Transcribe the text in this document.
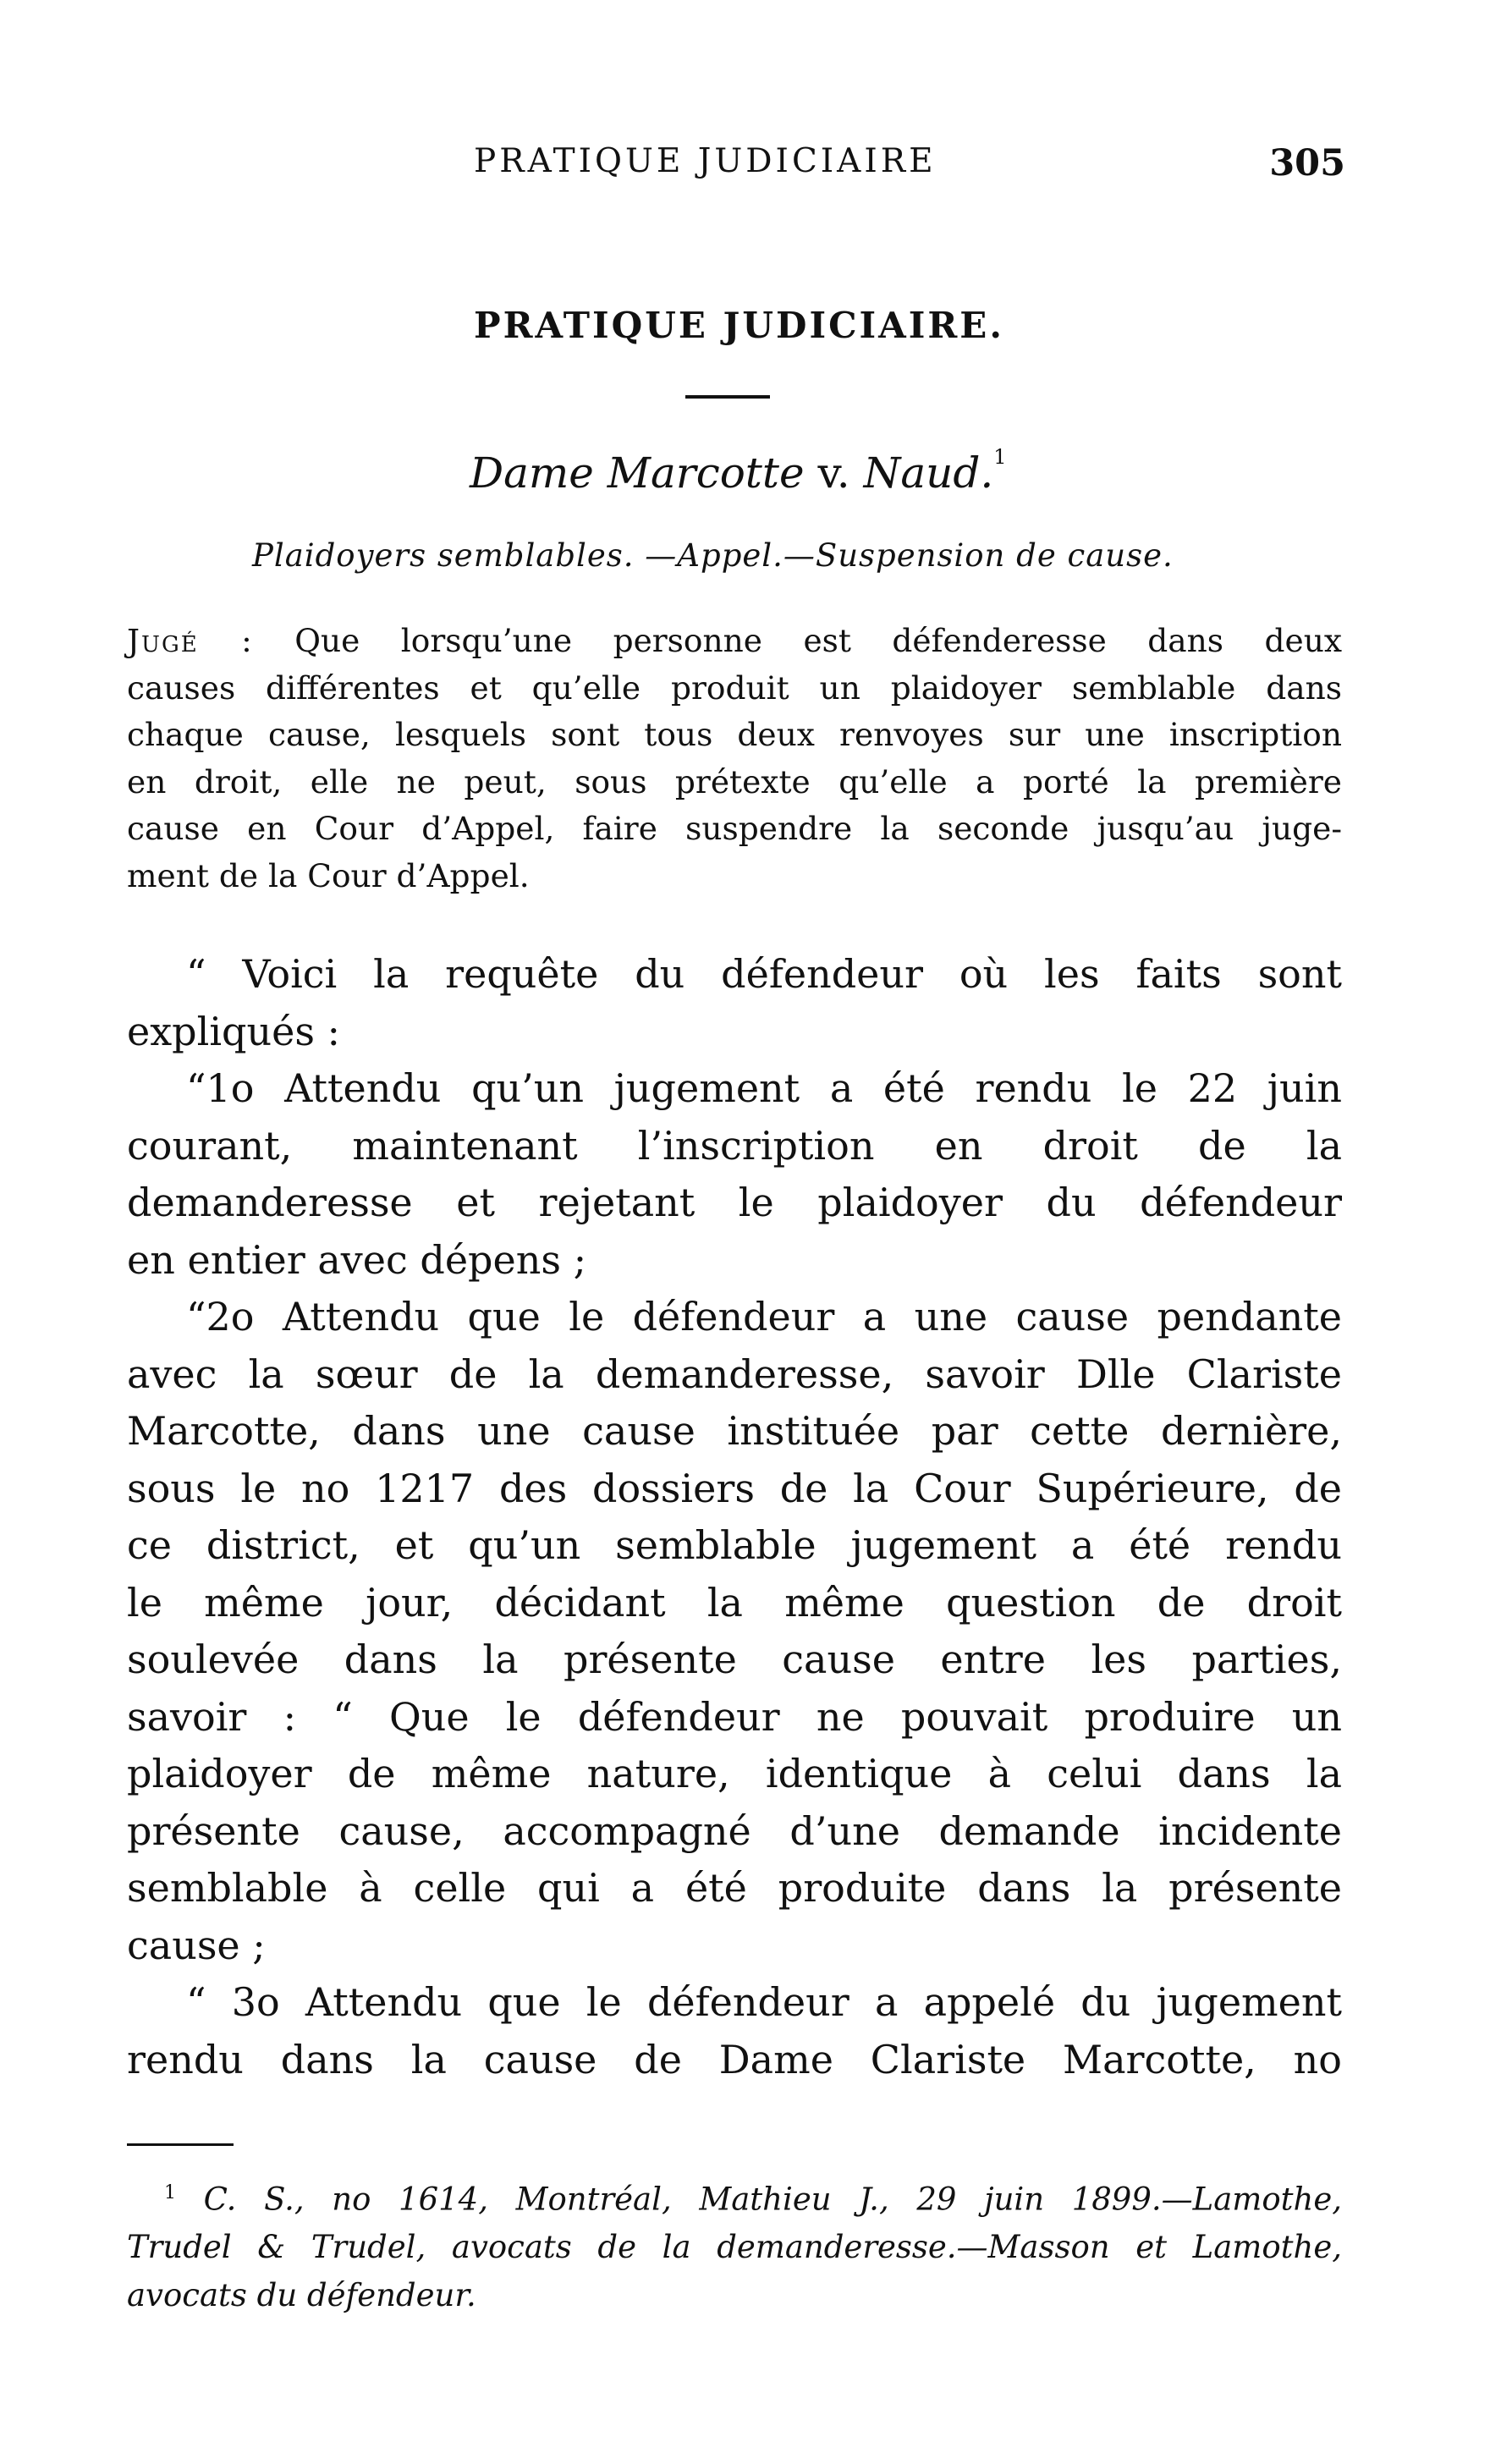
PRATIQUE JUDICIAIRE	305
PRATIQUE JUDICIAIRE.
Dame Marcotte v. Naud.$^1$
Plaidoyers semblables. —Appel.—Suspension de cause.
Jugé : Que lorsqu’une personne est défenderesse dans deux
causes différentes et qu’elle produit un plaidoyer semblable dans
chaque cause, lesquels sont tous deux renvoyes sur une inscription
en droit, elle ne peut, sous prétexte qu’elle a porté la première
cause en Cour d’Appel, faire suspendre la seconde jusqu’au juge-
ment de la Cour d’Appel.
“ Voici la requête du défendeur où les faits sont
expliqués :
“1o Attendu qu’un jugement a été rendu le 22 juin
courant, maintenant l’inscription en droit de la
demanderesse et rejetant le plaidoyer du défendeur
en entier avec dépens ;
“2o Attendu que le défendeur a une cause pendante
avec la sœur de la demanderesse, savoir Dlle Clariste
Marcotte, dans une cause instituée par cette dernière,
sous le no 1217 des dossiers de la Cour Supérieure, de
ce district, et qu’un semblable jugement a été rendu
le même jour, décidant la même question de droit
soulevée dans la présente cause entre les parties,
savoir : “ Que le défendeur ne pouvait produire un
plaidoyer de même nature, identique à celui dans la
présente cause, accompagné d’une demande incidente
semblable à celle qui a été produite dans la présente
cause ;
“ 3o Attendu que le défendeur a appelé du jugement
rendu dans la cause de Dame Clariste Marcotte, no
$^1$ C. S., no 1614, Montréal, Mathieu J., 29 juin 1899.—Lamothe,
Trudel & Trudel, avocats de la demanderesse.—Masson et Lamothe,
avocats du défendeur.
